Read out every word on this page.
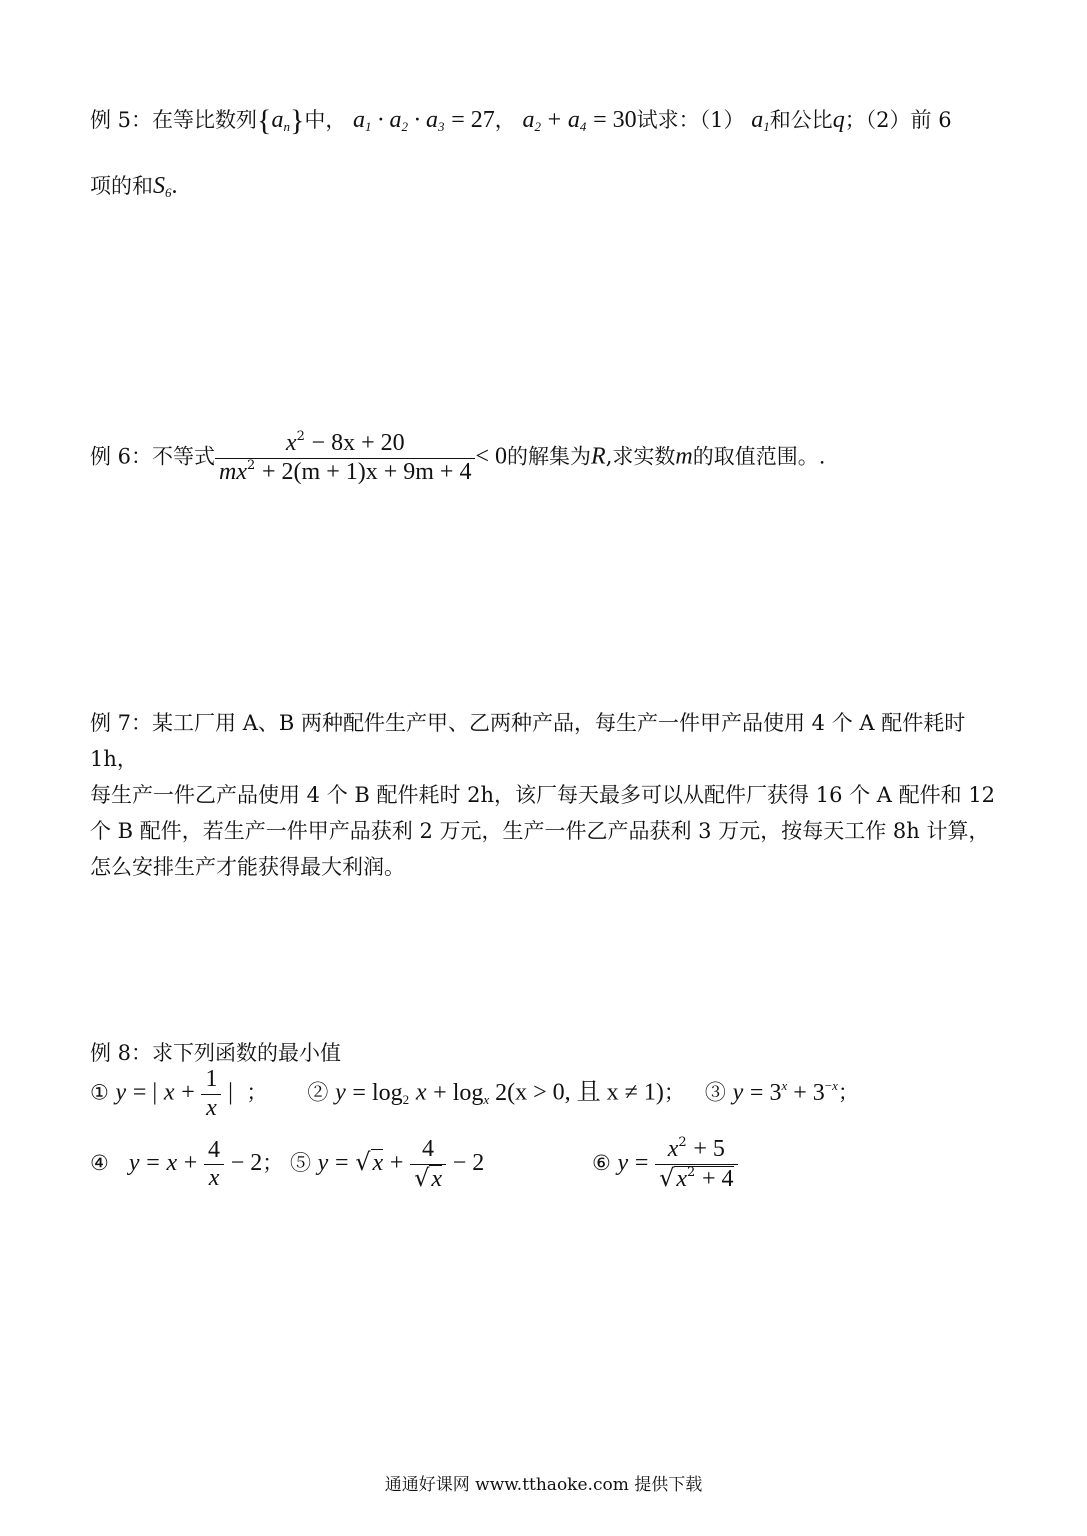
例 5：在等比数列$\{a_n\}$中， $a_1 \cdot a_2 \cdot a_3 = 27$， $a_2 + a_4 = 30$试求：（1） $a_1$和公比q；（2）前 6
项的和$S_6$.
例 6：不等式 $\frac{x^2 - 8x + 20}{mx^2 + 2(m + 1)x + 9m + 4} < 0$的解集为R,求实数m的取值范围。.
例 7：某工厂用 A、B 两种配件生产甲、乙两种产品，每生产一件甲产品使用 4 个 A 配件耗时 1h，
每生产一件乙产品使用 4 个 B 配件耗时 2h，该厂每天最多可以从配件厂获得 16 个 A 配件和 12
个 B 配件，若生产一件甲产品获利 2 万元，生产一件乙产品获利 3 万元，按每天工作 8h 计算，
怎么安排生产才能获得最大利润。
例 8：求下列函数的最小值
① y = | $x + \frac{1}{x}$ | ； ② $y = \log_2 x + \log_x 2(x > 0$, 且 x ≠ 1)； ③ $y = 3^x + 3^{-x}$；
④ $y = x + \frac{4}{x} - 2$； ⑤ $y = √x + \frac{4}{√x} - 2$	⑥ $y = \frac{x^2 + 5}{√x^2 + 4}$
通通好课网 www.tthaoke.com 提供下载
